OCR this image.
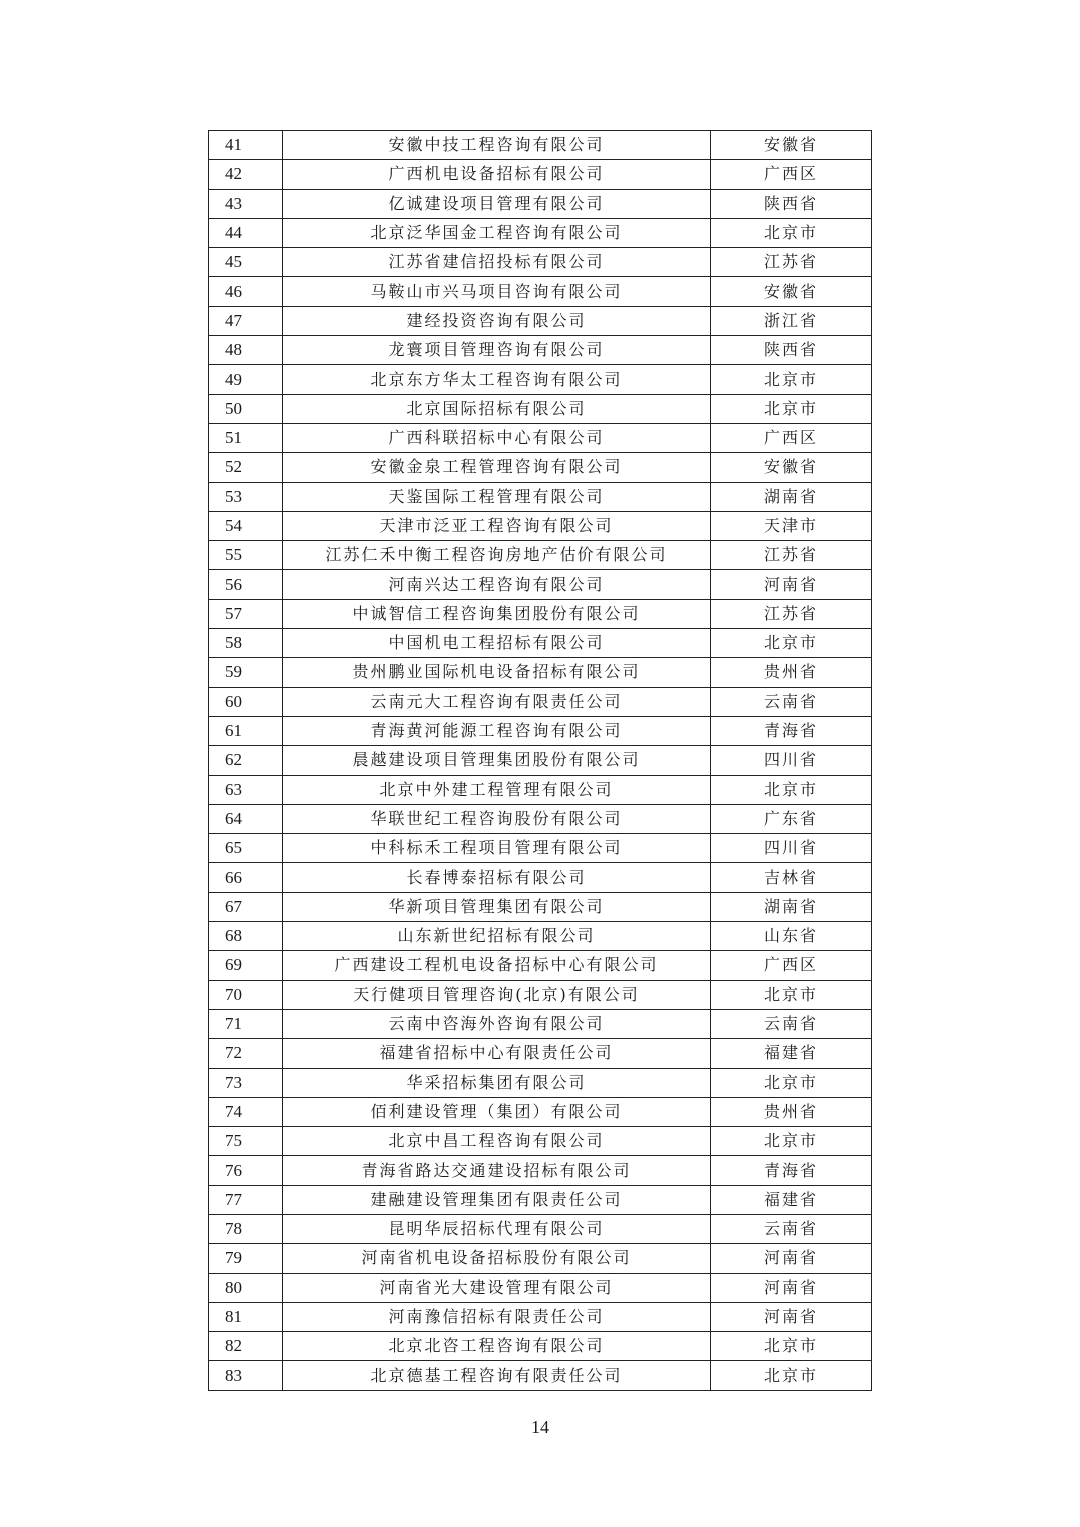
41	安徽中技工程咨询有限公司	安徽省
42	广西机电设备招标有限公司	广西区
43	亿诚建设项目管理有限公司	陕西省
44	北京泛华国金工程咨询有限公司	北京市
45	江苏省建信招投标有限公司	江苏省
46	马鞍山市兴马项目咨询有限公司	安徽省
47	建经投资咨询有限公司	浙江省
48	龙寰项目管理咨询有限公司	陕西省
49	北京东方华太工程咨询有限公司	北京市
50	北京国际招标有限公司	北京市
51	广西科联招标中心有限公司	广西区
52	安徽金泉工程管理咨询有限公司	安徽省
53	天鉴国际工程管理有限公司	湖南省
54	天津市泛亚工程咨询有限公司	天津市
55	江苏仁禾中衡工程咨询房地产估价有限公司	江苏省
56	河南兴达工程咨询有限公司	河南省
57	中诚智信工程咨询集团股份有限公司	江苏省
58	中国机电工程招标有限公司	北京市
59	贵州鹏业国际机电设备招标有限公司	贵州省
60	云南元大工程咨询有限责任公司	云南省
61	青海黄河能源工程咨询有限公司	青海省
62	晨越建设项目管理集团股份有限公司	四川省
63	北京中外建工程管理有限公司	北京市
64	华联世纪工程咨询股份有限公司	广东省
65	中科标禾工程项目管理有限公司	四川省
66	长春博泰招标有限公司	吉林省
67	华新项目管理集团有限公司	湖南省
68	山东新世纪招标有限公司	山东省
69	广西建设工程机电设备招标中心有限公司	广西区
70	天行健项目管理咨询(北京)有限公司	北京市
71	云南中咨海外咨询有限公司	云南省
72	福建省招标中心有限责任公司	福建省
73	华采招标集团有限公司	北京市
74	佰利建设管理（集团）有限公司	贵州省
75	北京中昌工程咨询有限公司	北京市
76	青海省路达交通建设招标有限公司	青海省
77	建融建设管理集团有限责任公司	福建省
78	昆明华辰招标代理有限公司	云南省
79	河南省机电设备招标股份有限公司	河南省
80	河南省光大建设管理有限公司	河南省
81	河南豫信招标有限责任公司	河南省
82	北京北咨工程咨询有限公司	北京市
83	北京德基工程咨询有限责任公司	北京市
14
